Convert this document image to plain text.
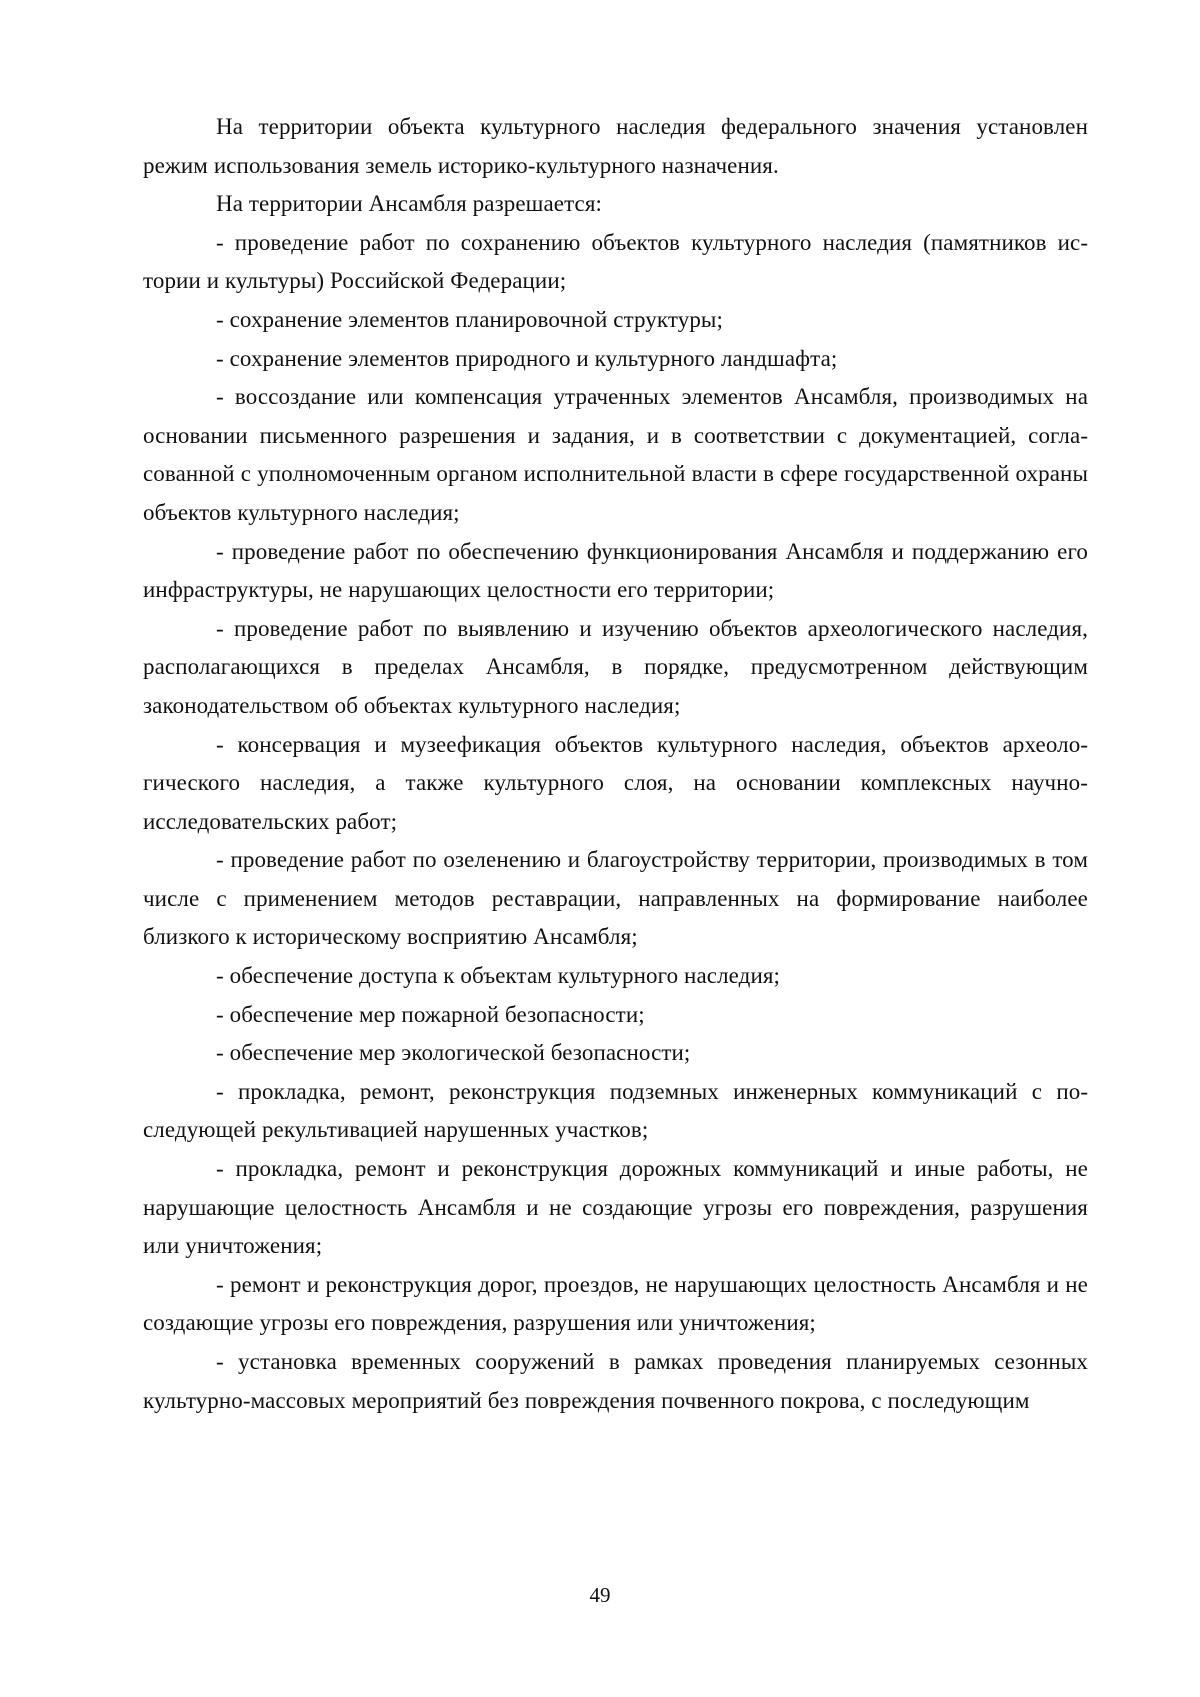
На территории объекта культурного наследия федерального значения установлен режим использования земель историко-культурного назначения.

На территории Ансамбля разрешается:

- проведение работ по сохранению объектов культурного наследия (памятников истории и культуры) Российской Федерации;

- сохранение элементов планировочной структуры;

- сохранение элементов природного и культурного ландшафта;

- воссоздание или компенсация утраченных элементов Ансамбля, производимых на основании письменного разрешения и задания, и в соответствии с документацией, согласованной с уполномоченным органом исполнительной власти в сфере государственной охраны объектов культурного наследия;

- проведение работ по обеспечению функционирования Ансамбля и поддержанию его инфраструктуры, не нарушающих целостности его территории;

- проведение работ по выявлению и изучению объектов археологического наследия, располагающихся в пределах Ансамбля, в порядке, предусмотренном действующим законодательством об объектах культурного наследия;

- консервация и музеефикация объектов культурного наследия, объектов археологического наследия, а также культурного слоя, на основании комплексных научно-исследовательских работ;

- проведение работ по озеленению и благоустройству территории, производимых в том числе с применением методов реставрации, направленных на формирование наиболее близкого к историческому восприятию Ансамбля;

- обеспечение доступа к объектам культурного наследия;

- обеспечение мер пожарной безопасности;

- обеспечение мер экологической безопасности;

- прокладка, ремонт, реконструкция подземных инженерных коммуникаций с последующей рекультивацией нарушенных участков;

- прокладка, ремонт и реконструкция дорожных коммуникаций и иные работы, не нарушающие целостность Ансамбля и не создающие угрозы его повреждения, разрушения или уничтожения;

- ремонт и реконструкция дорог, проездов, не нарушающих целостность Ансамбля и не создающие угрозы его повреждения, разрушения или уничтожения;

- установка временных сооружений в рамках проведения планируемых сезонных культурно-массовых мероприятий без повреждения почвенного покрова, с последующим

49
